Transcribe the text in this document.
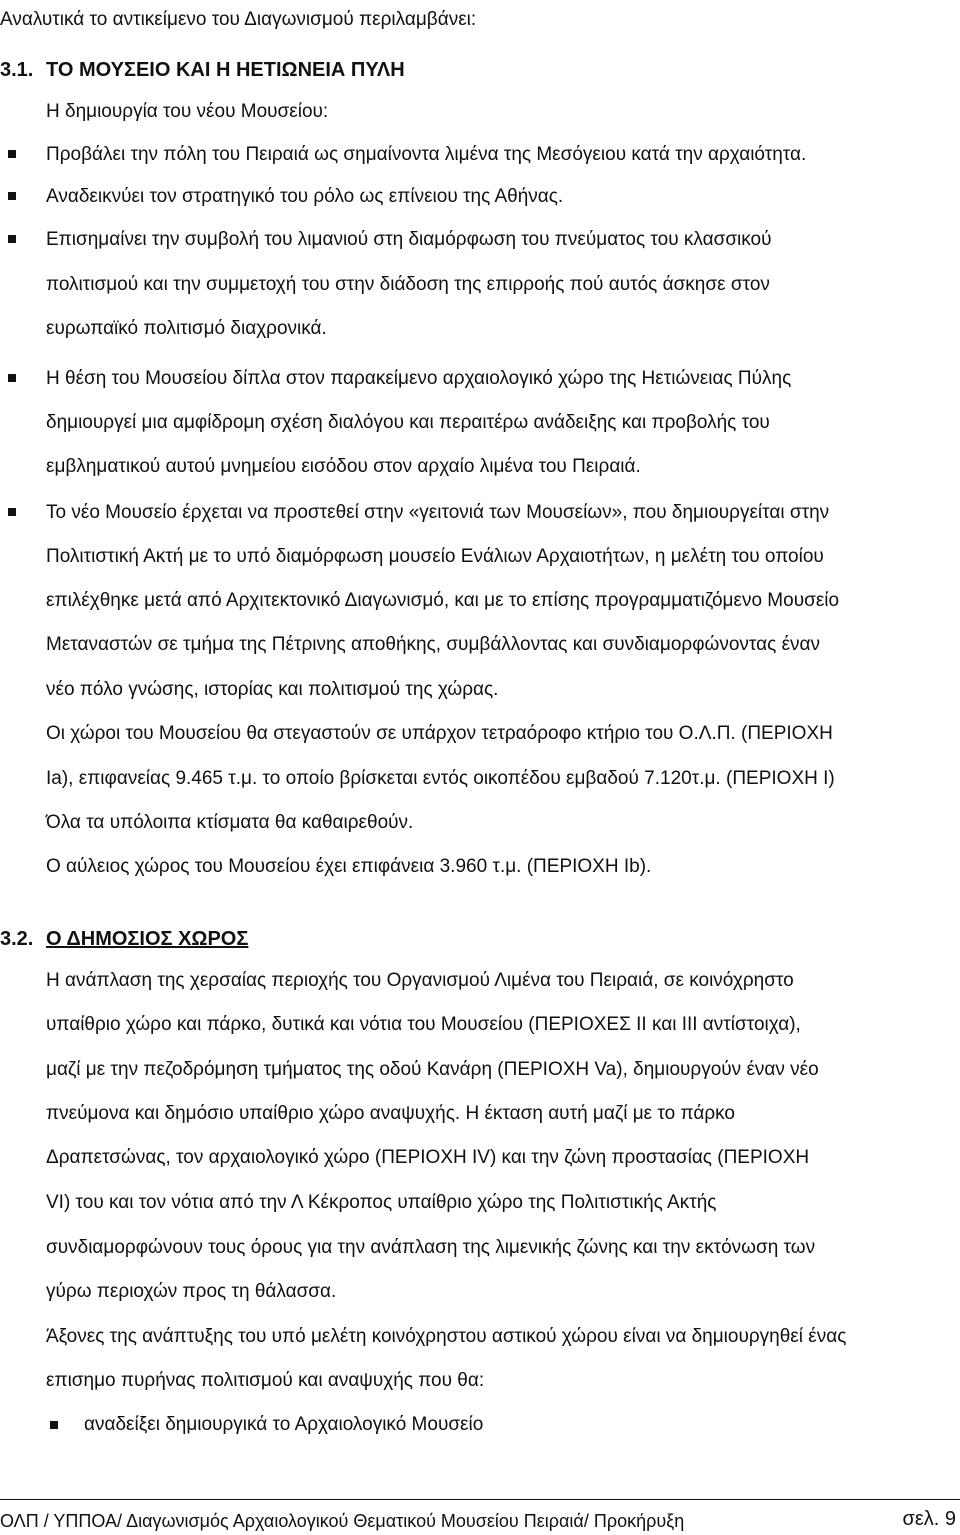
Αναλυτικά το αντικείμενο του Διαγωνισμού περιλαμβάνει:
3.1. ΤΟ ΜΟΥΣΕΙΟ ΚΑΙ Η ΗΕΤΙΩΝΕΙΑ ΠΥΛΗ
Η δημιουργία του νέου Μουσείου:
Προβάλει την πόλη του Πειραιά ως σημαίνοντα λιμένα της Μεσόγειου κατά την αρχαιότητα.
Αναδεικνύει τον στρατηγικό του ρόλο ως επίνειου της Αθήνας.
Επισημαίνει την συμβολή του λιμανιού στη διαμόρφωση του πνεύματος του κλασσικού
πολιτισμού και την συμμετοχή του στην διάδοση της επιρροής πού αυτός άσκησε στον
ευρωπαϊκό πολιτισμό διαχρονικά.
Η θέση του Μουσείου δίπλα στον παρακείμενο αρχαιολογικό χώρο της Ηετιώνειας Πύλης
δημιουργεί μια αμφίδρομη σχέση διαλόγου και περαιτέρω ανάδειξης και προβολής του
εμβληματικού αυτού μνημείου εισόδου στον αρχαίο λιμένα του Πειραιά.
Το νέο Μουσείο έρχεται να προστεθεί στην «γειτονιά των Μουσείων», που δημιουργείται στην
Πολιτιστική Ακτή με το υπό διαμόρφωση μουσείο Ενάλιων Αρχαιοτήτων, η μελέτη του οποίου
επιλέχθηκε μετά από Αρχιτεκτονικό Διαγωνισμό, και με το επίσης προγραμματιζόμενο Μουσείο
Μεταναστών σε τμήμα της Πέτρινης αποθήκης, συμβάλλοντας και συνδιαμορφώνοντας έναν
νέο πόλο γνώσης, ιστορίας και πολιτισμού της χώρας.
Οι χώροι του Μουσείου θα στεγαστούν σε υπάρχον τετραόροφο κτήριο του Ο.Λ.Π. (ΠΕΡΙΟΧΗ
Ia), επιφανείας 9.465 τ.μ. το οποίο βρίσκεται εντός οικοπέδου εμβαδού 7.120τ.μ. (ΠΕΡΙΟΧΗ I)
Όλα τα υπόλοιπα κτίσματα θα καθαιρεθούν.
Ο αύλειος χώρος του Μουσείου έχει επιφάνεια 3.960 τ.μ. (ΠΕΡΙΟΧΗ Ib).
3.2. Ο ΔΗΜΟΣΙΟΣ ΧΩΡΟΣ
Η ανάπλαση της χερσαίας περιοχής του Οργανισμού Λιμένα του Πειραιά, σε κοινόχρηστο
υπαίθριο χώρο και πάρκο, δυτικά και νότια του Μουσείου (ΠΕΡΙΟΧΕΣ II και III αντίστοιχα),
μαζί με την πεζοδρόμηση τμήματος της οδού Κανάρη (ΠΕΡΙΟΧΗ Va), δημιουργούν έναν νέο
πνεύμονα και δημόσιο υπαίθριο χώρο αναψυχής. Η έκταση αυτή μαζί με το πάρκο
Δραπετσώνας, τον αρχαιολογικό χώρο (ΠΕΡΙΟΧΗ IV) και την ζώνη προστασίας (ΠΕΡΙΟΧΗ
VI) του και τον νότια από την Λ Κέκροπος υπαίθριο χώρο της Πολιτιστικής Ακτής
συνδιαμορφώνουν τους όρους για την ανάπλαση της λιμενικής ζώνης και την εκτόνωση των
γύρω περιοχών προς τη θάλασσα.
Άξονες της ανάπτυξης του υπό μελέτη κοινόχρηστου αστικού χώρου είναι να δημιουργηθεί ένας
επισημο πυρήνας πολιτισμού και αναψυχής που θα:
αναδείξει δημιουργικά το Αρχαιολογικό Μουσείο
ΟΛΠ / ΥΠΠΟΑ/ Διαγωνισμός Αρχαιολογικού Θεματικού Μουσείου Πειραιά/ Προκήρυξη	σελ. 9
